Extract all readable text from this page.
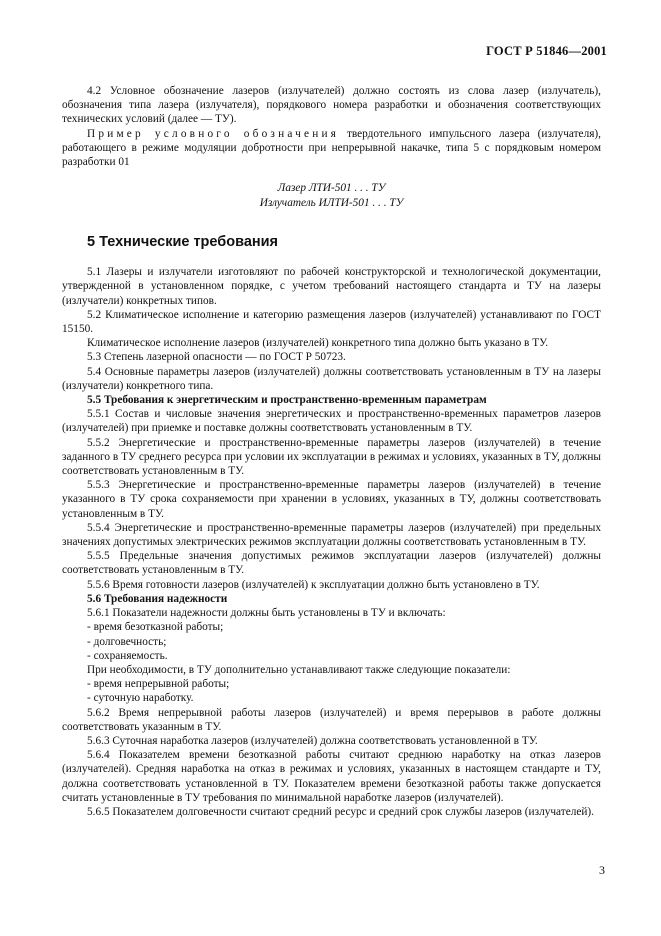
ГОСТ Р 51846—2001

4.2 Условное обозначение лазеров (излучателей) должно состоять из слова лазер (излучатель), обозначения типа лазера (излучателя), порядкового номера разработки и обозначения соответствующих технических условий (далее — ТУ).

Пример условного обозначения твердотельного импульсного лазера (излучателя), работающего в режиме модуляции добротности при непрерывной накачке, типа 5 с порядковым номером разработки 01

Лазер ЛТИ-501 . . . ТУ
Излучатель ИЛТИ-501 . . . ТУ
5 Технические требования

5.1 Лазеры и излучатели изготовляют по рабочей конструкторской и технологической документации, утвержденной в установленном порядке, с учетом требований настоящего стандарта и ТУ на лазеры (излучатели) конкретных типов.

5.2 Климатическое исполнение и категорию размещения лазеров (излучателей) устанавливают по ГОСТ 15150.

Климатическое исполнение лазеров (излучателей) конкретного типа должно быть указано в ТУ.

5.3 Степень лазерной опасности — по ГОСТ Р 50723.

5.4 Основные параметры лазеров (излучателей) должны соответствовать установленным в ТУ на лазеры (излучатели) конкретного типа.

5.5 Требования к энергетическим и пространственно-временным параметрам

5.5.1 Состав и числовые значения энергетических и пространственно-временных параметров лазеров (излучателей) при приемке и поставке должны соответствовать установленным в ТУ.

5.5.2 Энергетические и пространственно-временные параметры лазеров (излучателей) в течение заданного в ТУ среднего ресурса при условии их эксплуатации в режимах и условиях, указанных в ТУ, должны соответствовать установленным в ТУ.

5.5.3 Энергетические и пространственно-временные параметры лазеров (излучателей) в течение указанного в ТУ срока сохраняемости при хранении в условиях, указанных в ТУ, должны соответствовать установленным в ТУ.

5.5.4 Энергетические и пространственно-временные параметры лазеров (излучателей) при предельных значениях допустимых электрических режимов эксплуатации должны соответствовать установленным в ТУ.

5.5.5 Предельные значения допустимых режимов эксплуатации лазеров (излучателей) должны соответствовать установленным в ТУ.

5.5.6 Время готовности лазеров (излучателей) к эксплуатации должно быть установлено в ТУ.

5.6 Требования надежности

5.6.1 Показатели надежности должны быть установлены в ТУ и включать:

- время безотказной работы;

- долговечность;

- сохраняемость.

При необходимости, в ТУ дополнительно устанавливают также следующие показатели:

- время непрерывной работы;

- суточную наработку.

5.6.2 Время непрерывной работы лазеров (излучателей) и время перерывов в работе должны соответствовать указанным в ТУ.

5.6.3 Суточная наработка лазеров (излучателей) должна соответствовать установленной в ТУ.

5.6.4 Показателем времени безотказной работы считают среднюю наработку на отказ лазеров (излучателей). Средняя наработка на отказ в режимах и условиях, указанных в настоящем стандарте и ТУ, должна соответствовать установленной в ТУ. Показателем времени безотказной работы также допускается считать установленные в ТУ требования по минимальной наработке лазеров (излучателей).

5.6.5 Показателем долговечности считают средний ресурс и средний срок службы лазеров (излучателей).

3
